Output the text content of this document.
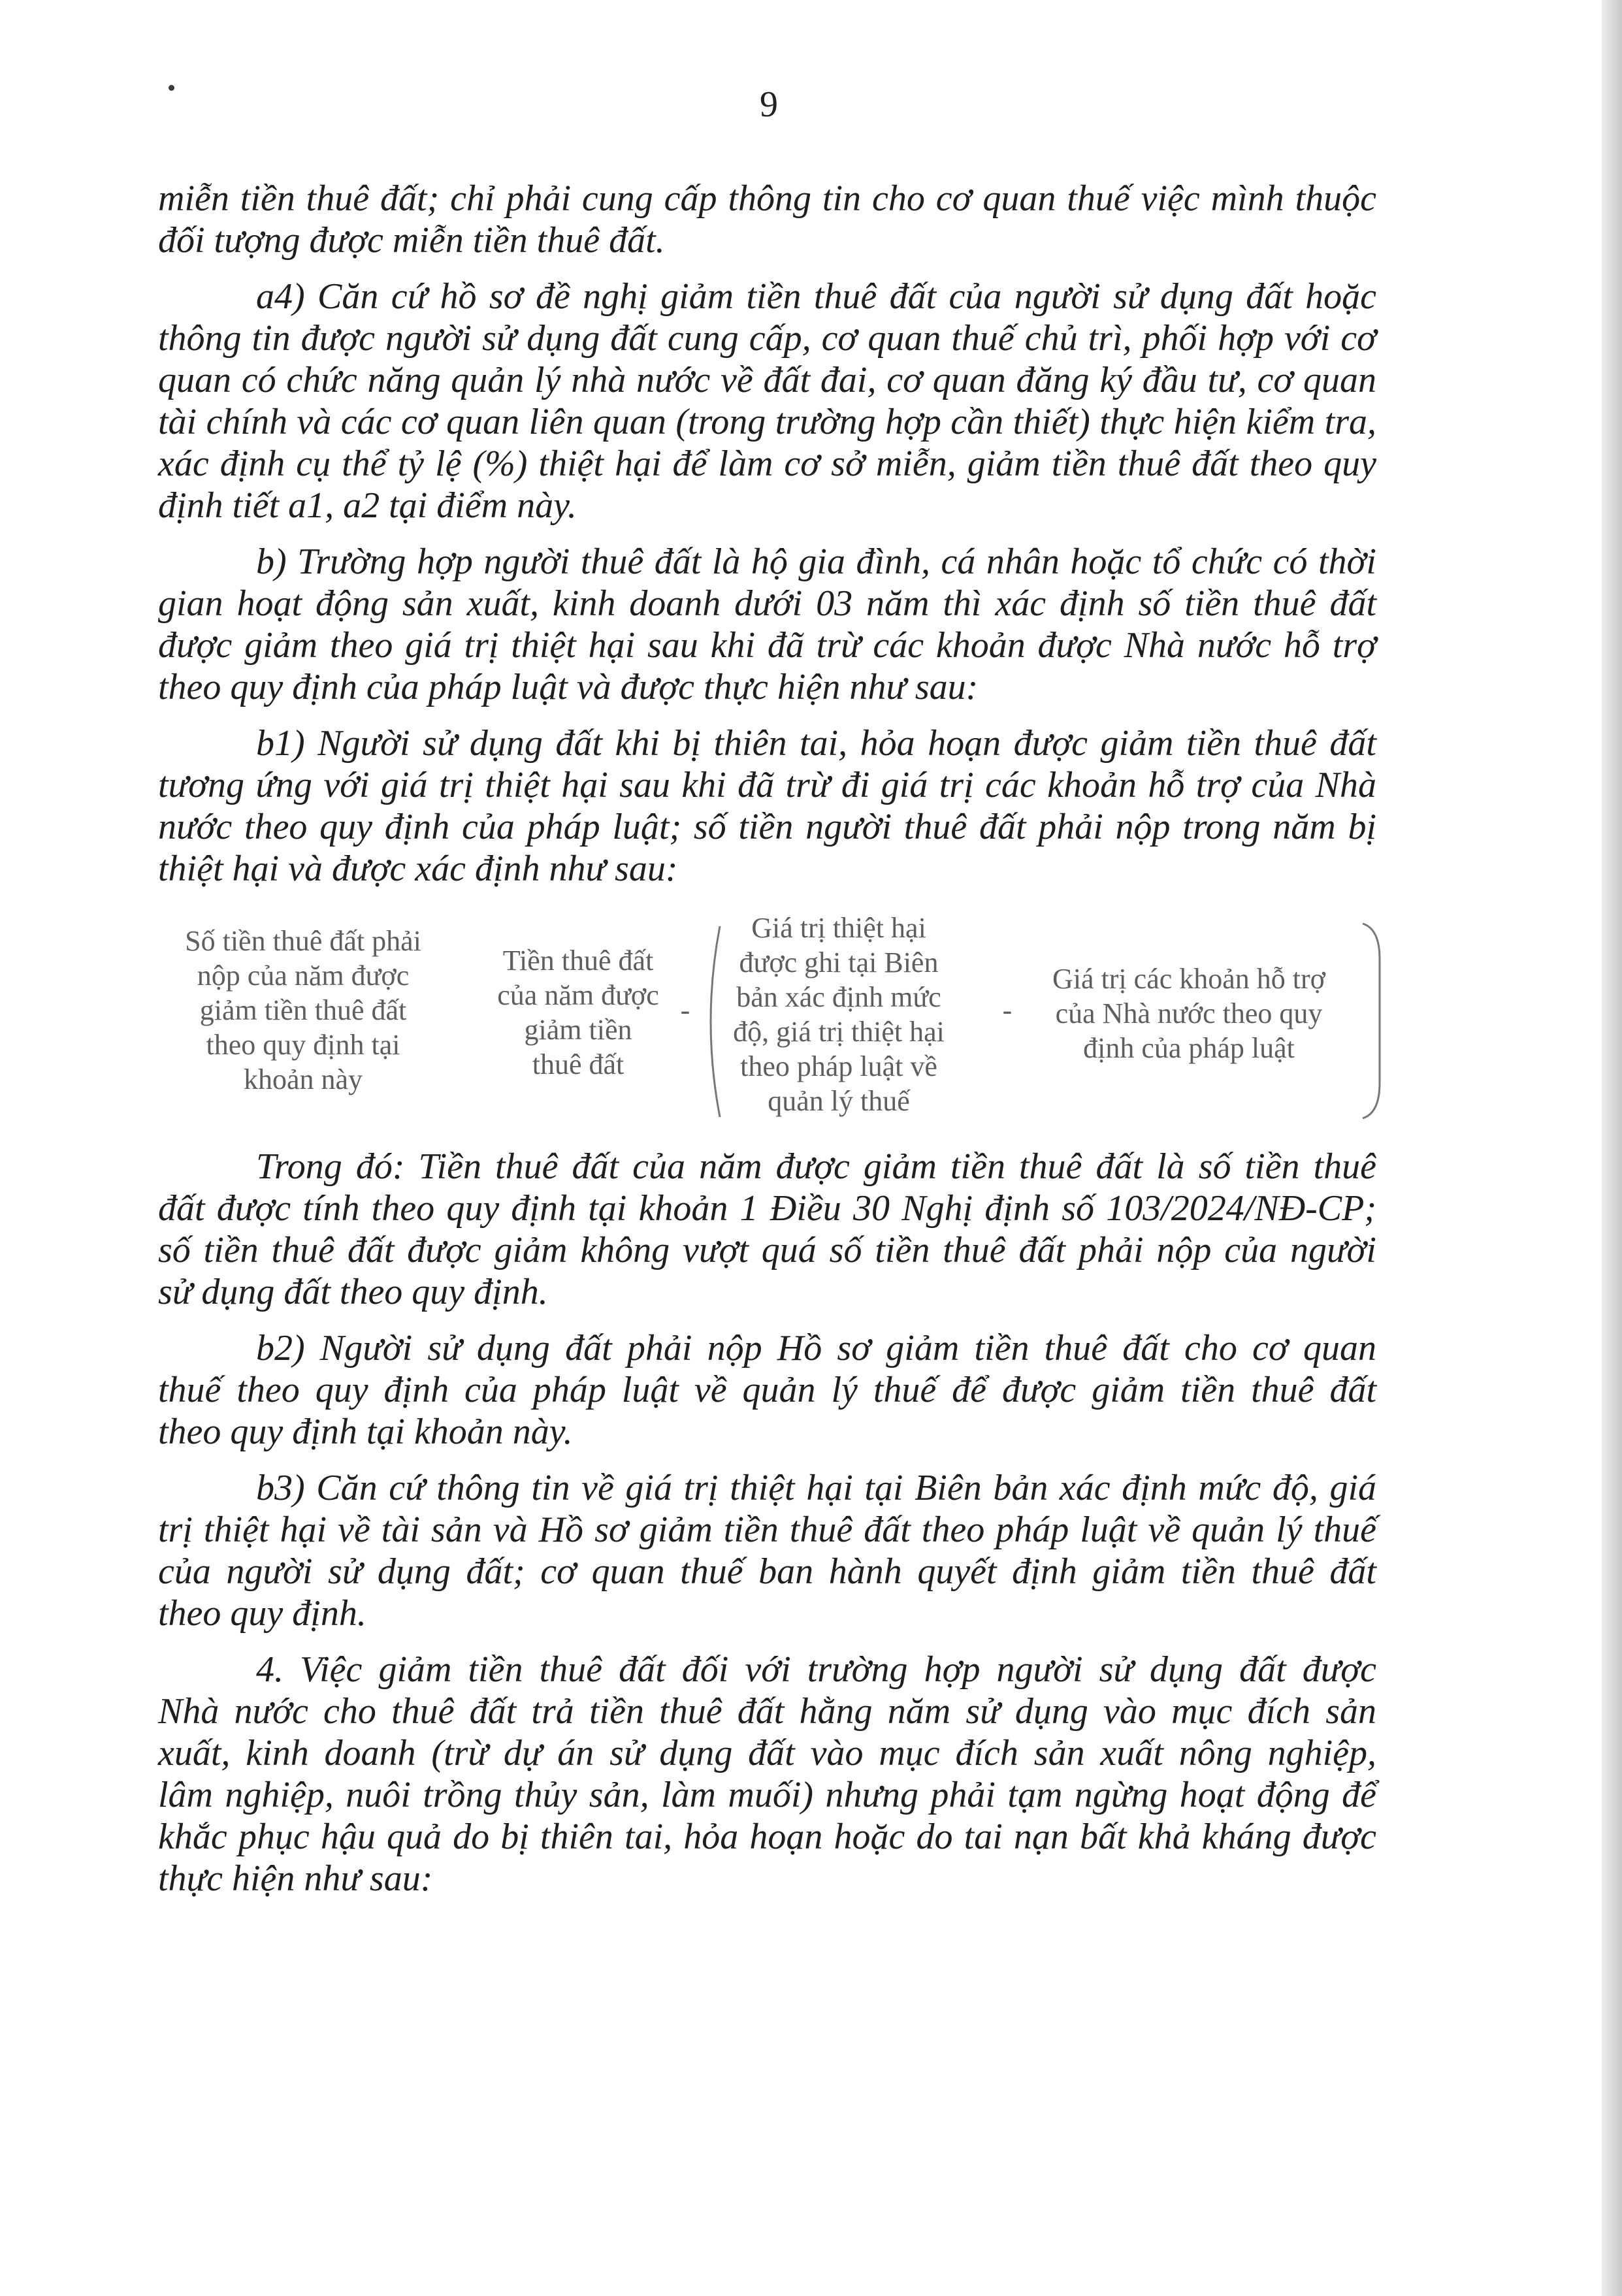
9
miễn tiền thuê đất; chỉ phải cung cấp thông tin cho cơ quan thuế việc mình thuộc
đối tượng được miễn tiền thuê đất.
a4) Căn cứ hồ sơ đề nghị giảm tiền thuê đất của người sử dụng đất hoặc
thông tin được người sử dụng đất cung cấp, cơ quan thuế chủ trì, phối hợp với cơ
quan có chức năng quản lý nhà nước về đất đai, cơ quan đăng ký đầu tư, cơ quan
tài chính và các cơ quan liên quan (trong trường hợp cần thiết) thực hiện kiểm tra,
xác định cụ thể tỷ lệ (%) thiệt hại để làm cơ sở miễn, giảm tiền thuê đất theo quy
định tiết a1, a2 tại điểm này.
b) Trường hợp người thuê đất là hộ gia đình, cá nhân hoặc tổ chức có thời
gian hoạt động sản xuất, kinh doanh dưới 03 năm thì xác định số tiền thuê đất
được giảm theo giá trị thiệt hại sau khi đã trừ các khoản được Nhà nước hỗ trợ
theo quy định của pháp luật và được thực hiện như sau:
b1) Người sử dụng đất khi bị thiên tai, hỏa hoạn được giảm tiền thuê đất
tương ứng với giá trị thiệt hại sau khi đã trừ đi giá trị các khoản hỗ trợ của Nhà
nước theo quy định của pháp luật; số tiền người thuê đất phải nộp trong năm bị
thiệt hại và được xác định như sau:
Số tiền thuê đất phải
nộp của năm được
giảm tiền thuê đất
theo quy định tại
khoản này
Tiền thuê đất
của năm được
giảm tiền
thuê đất
-
Giá trị thiệt hại
được ghi tại Biên
bản xác định mức
độ, giá trị thiệt hại
theo pháp luật về
quản lý thuế
-
Giá trị các khoản hỗ trợ
của Nhà nước theo quy
định của pháp luật
Trong đó: Tiền thuê đất của năm được giảm tiền thuê đất là số tiền thuê
đất được tính theo quy định tại khoản 1 Điều 30 Nghị định số 103/2024/NĐ-CP;
số tiền thuê đất được giảm không vượt quá số tiền thuê đất phải nộp của người
sử dụng đất theo quy định.
b2) Người sử dụng đất phải nộp Hồ sơ giảm tiền thuê đất cho cơ quan
thuế theo quy định của pháp luật về quản lý thuế để được giảm tiền thuê đất
theo quy định tại khoản này.
b3) Căn cứ thông tin về giá trị thiệt hại tại Biên bản xác định mức độ, giá
trị thiệt hại về tài sản và Hồ sơ giảm tiền thuê đất theo pháp luật về quản lý thuế
của người sử dụng đất; cơ quan thuế ban hành quyết định giảm tiền thuê đất
theo quy định.
4. Việc giảm tiền thuê đất đối với trường hợp người sử dụng đất được
Nhà nước cho thuê đất trả tiền thuê đất hằng năm sử dụng vào mục đích sản
xuất, kinh doanh (trừ dự án sử dụng đất vào mục đích sản xuất nông nghiệp,
lâm nghiệp, nuôi trồng thủy sản, làm muối) nhưng phải tạm ngừng hoạt động để
khắc phục hậu quả do bị thiên tai, hỏa hoạn hoặc do tai nạn bất khả kháng được
thực hiện như sau:
